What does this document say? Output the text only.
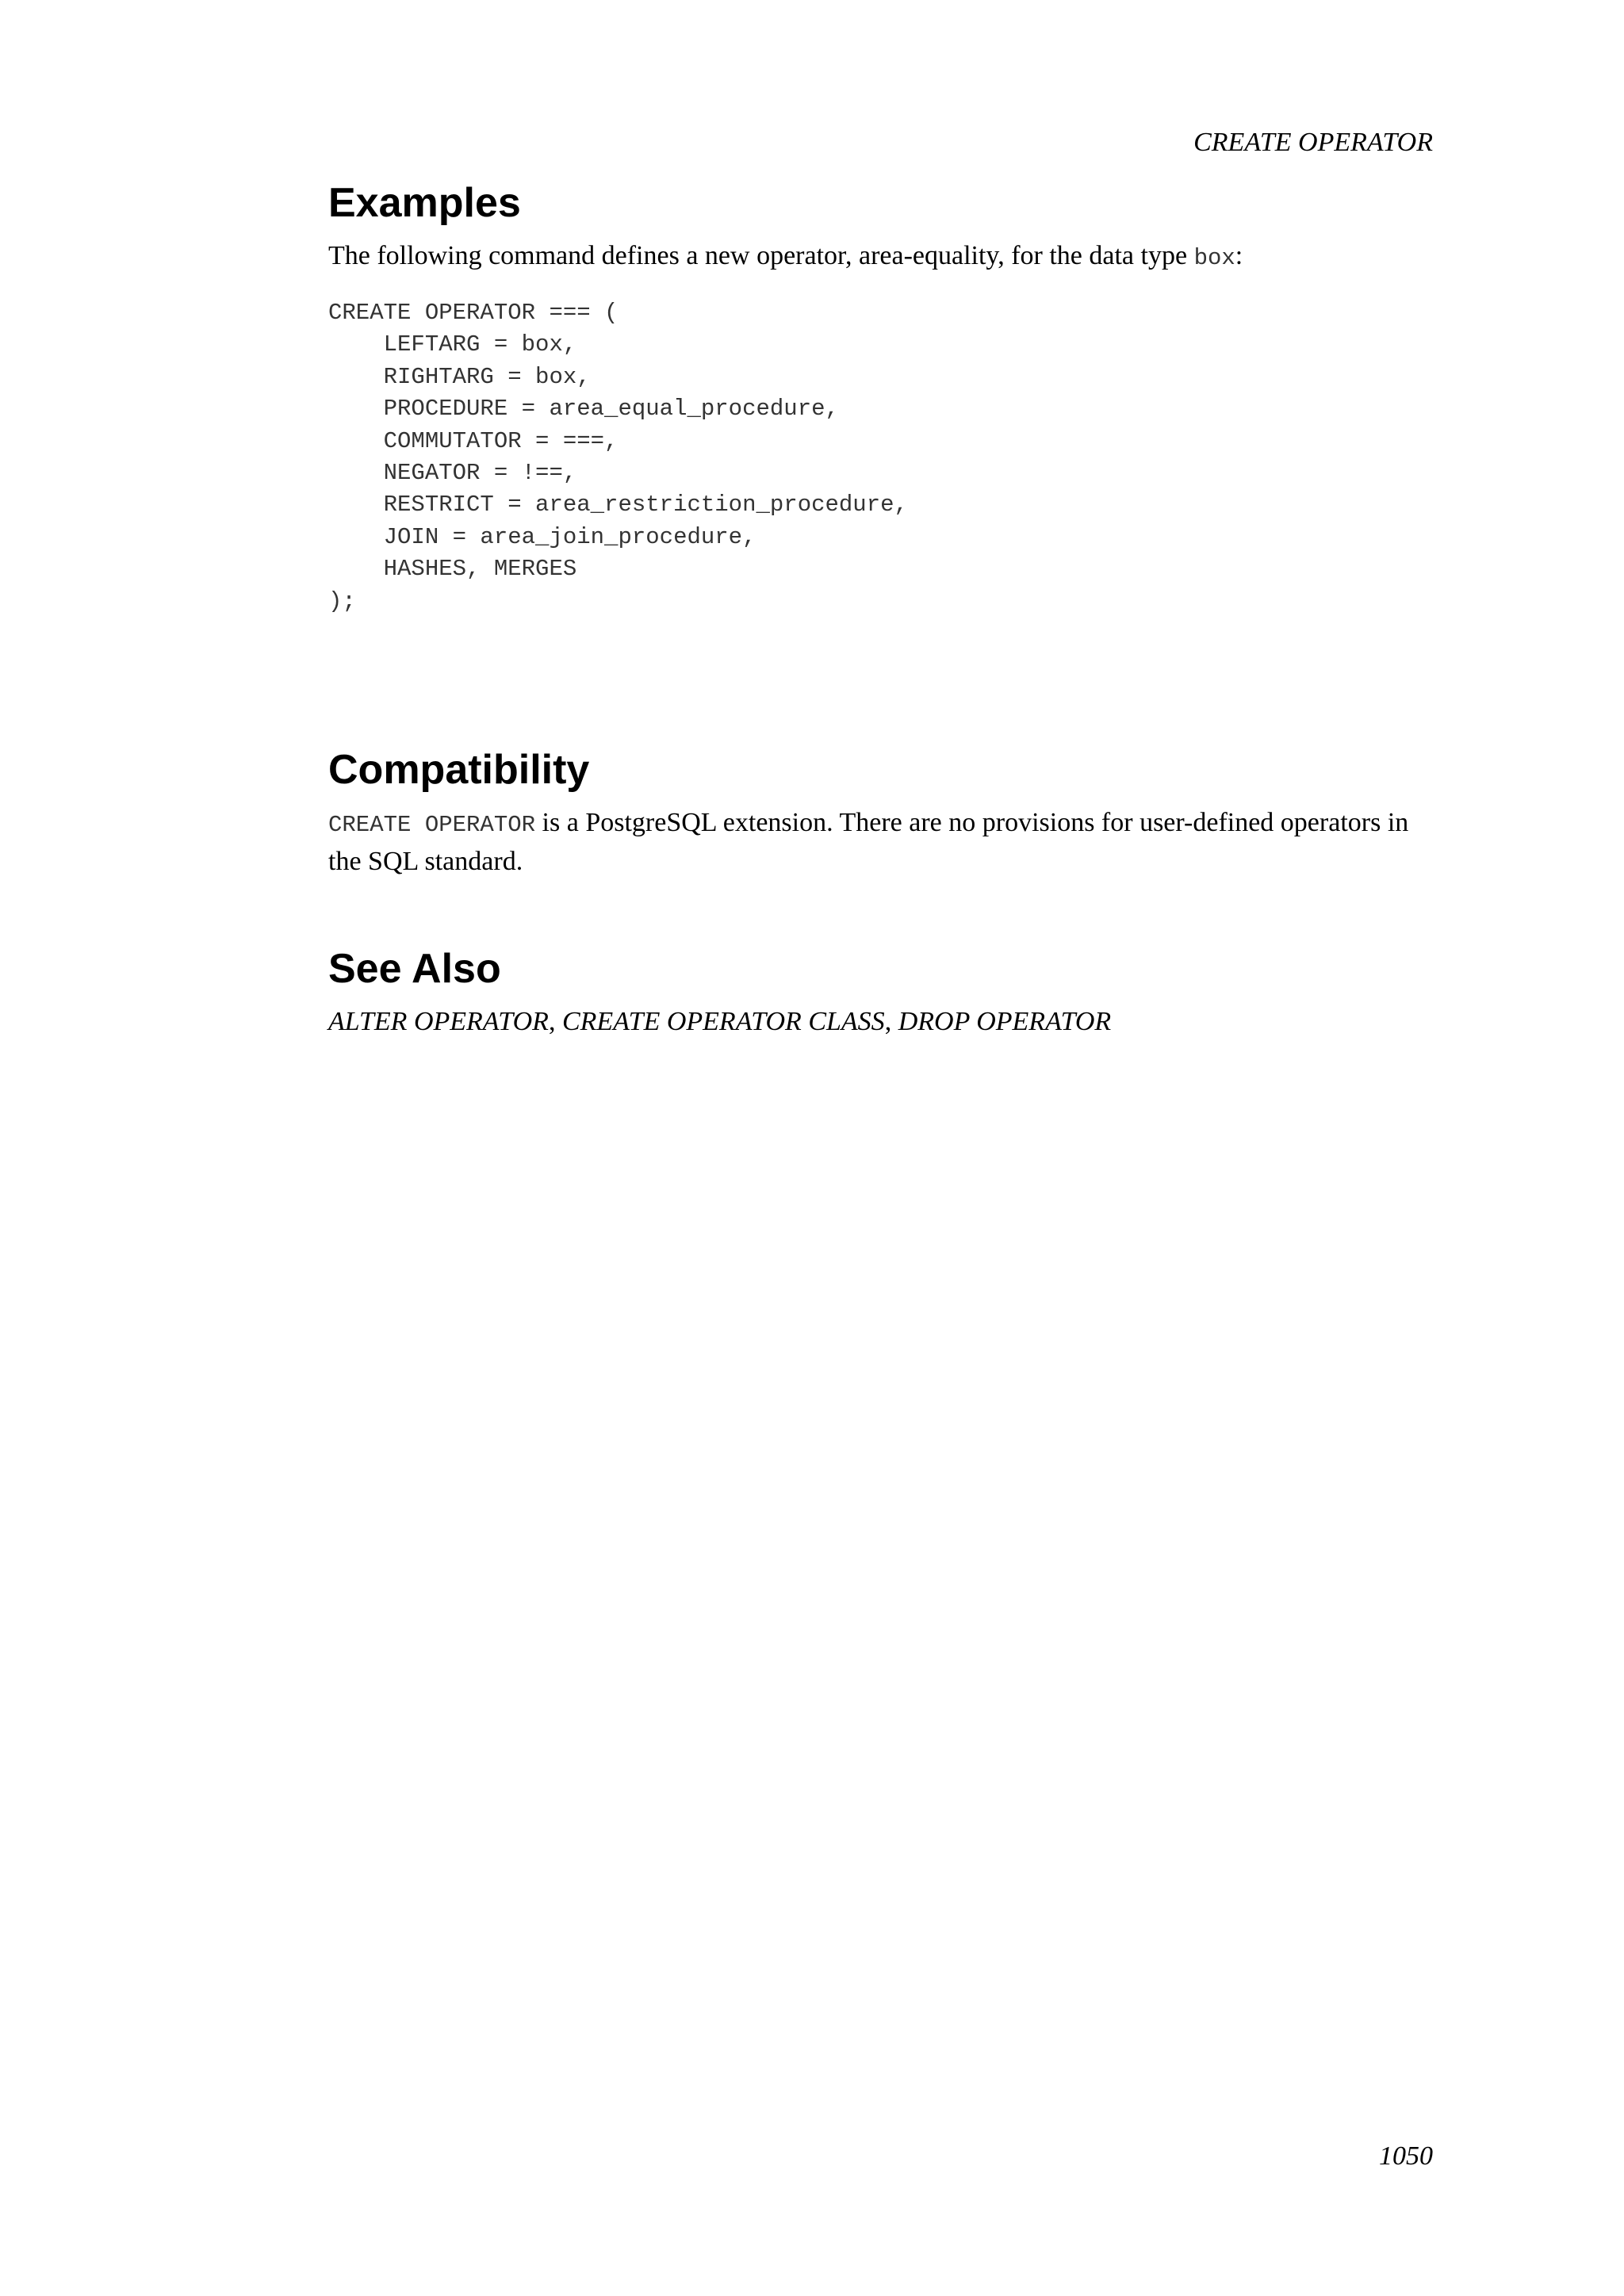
CREATE OPERATOR
Examples

The following command defines a new operator, area-equality, for the data type box:

CREATE OPERATOR === (
LEFTARG = box,
RIGHTARG = box,
PROCEDURE = area_equal_procedure,
COMMUTATOR = ===,
NEGATOR = !==,
RESTRICT = area_restriction_procedure,
JOIN = area_join_procedure,
HASHES, MERGES
);
Compatibility

CREATE OPERATOR is a PostgreSQL extension. There are no provisions for user-defined operators in the SQL standard.

See Also

ALTER OPERATOR, CREATE OPERATOR CLASS, DROP OPERATOR

1050
